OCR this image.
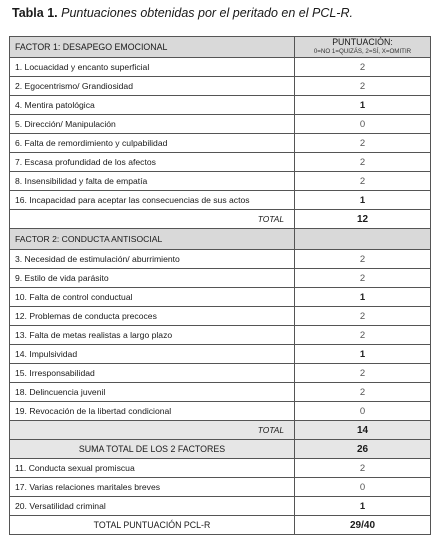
Tabla 1. Puntuaciones obtenidas por el peritado en el PCL-R.
FACTOR 1: DESAPEGO EMOCIONAL	PUNTUACIÓN:
0=NO 1=QUIZÁS, 2=SÍ, X=OMITIR

1. Locuacidad y encanto superficial	2
2. Egocentrismo/ Grandiosidad	2
4. Mentira patológica	1
5. Dirección/ Manipulación	0
6. Falta de remordimiento y culpabilidad	2
7. Escasa profundidad de los afectos	2
8. Insensibilidad y falta de empatía	2
16. Incapacidad para aceptar las consecuencias de sus actos	1
TOTAL	12
FACTOR 2: CONDUCTA ANTISOCIAL	
3. Necesidad de estimulación/ aburrimiento	2
9. Estilo de vida parásito	2
10. Falta de control conductual	1
12. Problemas de conducta precoces	2
13. Falta de metas realistas a largo plazo	2
14. Impulsividad	1
15. Irresponsabilidad	2
18. Delincuencia juvenil	2
19. Revocación de la libertad condicional	0
TOTAL	14
SUMA TOTAL DE LOS 2 FACTORES	26
11. Conducta sexual promiscua	2
17. Varias relaciones maritales breves	0
20. Versatilidad criminal	1
TOTAL PUNTUACIÓN PCL-R	29/40
